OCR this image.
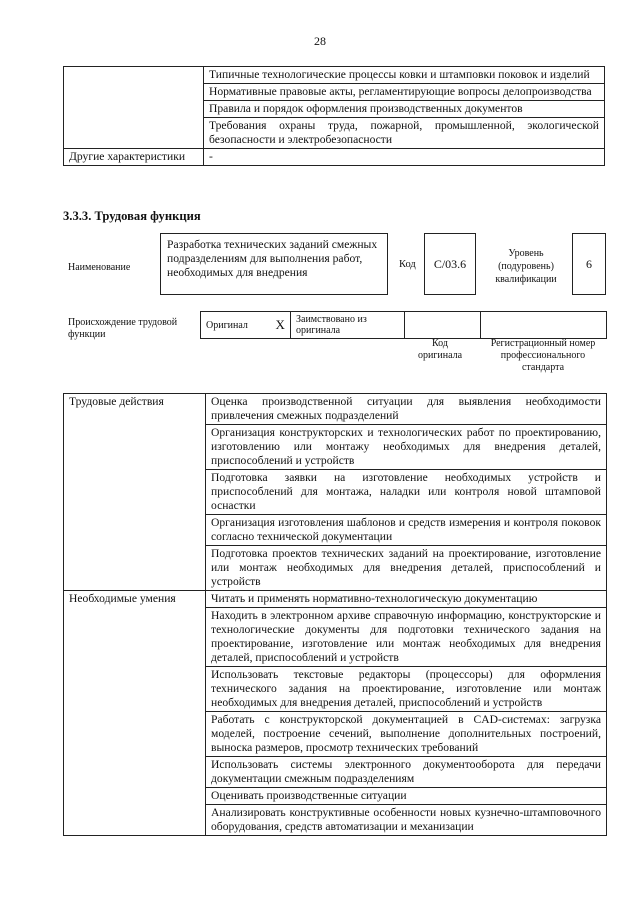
28
	Типичные технологические процессы ковки и штамповки поковок и изделий
	Нормативные правовые акты, регламентирующие вопросы делопроизводства
	Правила и порядок оформления производственных документов
	Требования охраны труда, пожарной, промышленной, экологической безопасности и электробезопасности
Другие характеристики	-
3.3.3. Трудовая функция
Наименование
Разработка технических заданий смежных подразделениям для выполнения работ, необходимых для внедрения
Код	С/03.6
Уровень (подуровень) квалификации
6
Происхождение трудовой функции
Оригинал	X	Заимствовано из оригинала		
Код оригинала
Регистрационный номер профессионального стандарта
Трудовые действия	Оценка производственной ситуации для выявления необходимости привлечения смежных подразделений
	Организация конструкторских и технологических работ по проектированию, изготовлению или монтажу необходимых для внедрения деталей, приспособлений и устройств
	Подготовка заявки на изготовление необходимых устройств и приспособлений для монтажа, наладки или контроля новой штамповой оснастки
	Организация изготовления шаблонов и средств измерения и контроля поковок согласно технической документации
	Подготовка проектов технических заданий на проектирование, изготовление или монтаж необходимых для внедрения деталей, приспособлений и устройств
Необходимые умения	Читать и применять нормативно-технологическую документацию
	Находить в электронном архиве справочную информацию, конструкторские и технологические документы для подготовки технического задания на проектирование, изготовление или монтаж необходимых для внедрения деталей, приспособлений и устройств
	Использовать текстовые редакторы (процессоры) для оформления технического задания на проектирование, изготовление или монтаж необходимых для внедрения деталей, приспособлений и устройств
	Работать с конструкторской документацией в CAD-системах: загрузка моделей, построение сечений, выполнение дополнительных построений, выноска размеров, просмотр технических требований
	Использовать системы электронного документооборота для передачи документации смежным подразделениям
	Оценивать производственные ситуации
	Анализировать конструктивные особенности новых кузнечно-штамповочного оборудования, средств автоматизации и механизации
